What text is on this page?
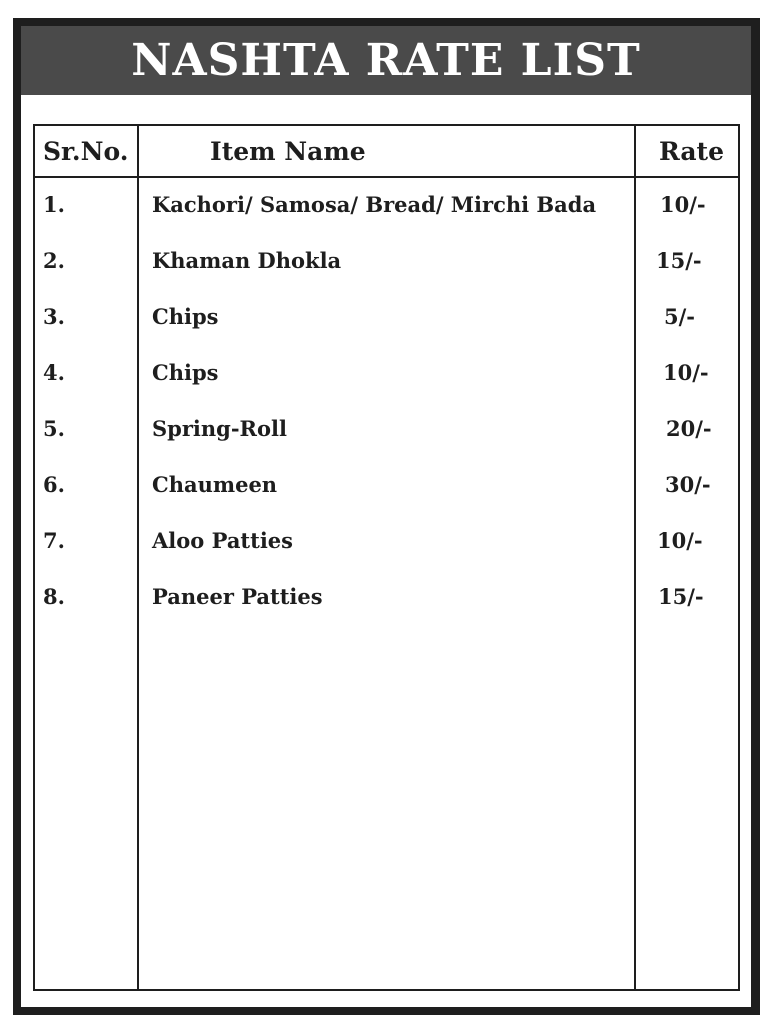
NASHTA RATE LIST
Sr.No.	Item Name	Rate
1.	Kachori/ Samosa/ Bread/ Mirchi Bada	10/-
2.	Khaman Dhokla	15/-
3.	Chips	5/-
4.	Chips	10/-
5.	Spring-Roll	20/-
6.	Chaumeen	30/-
7.	Aloo Patties	10/-
8.	Paneer Patties	15/-
